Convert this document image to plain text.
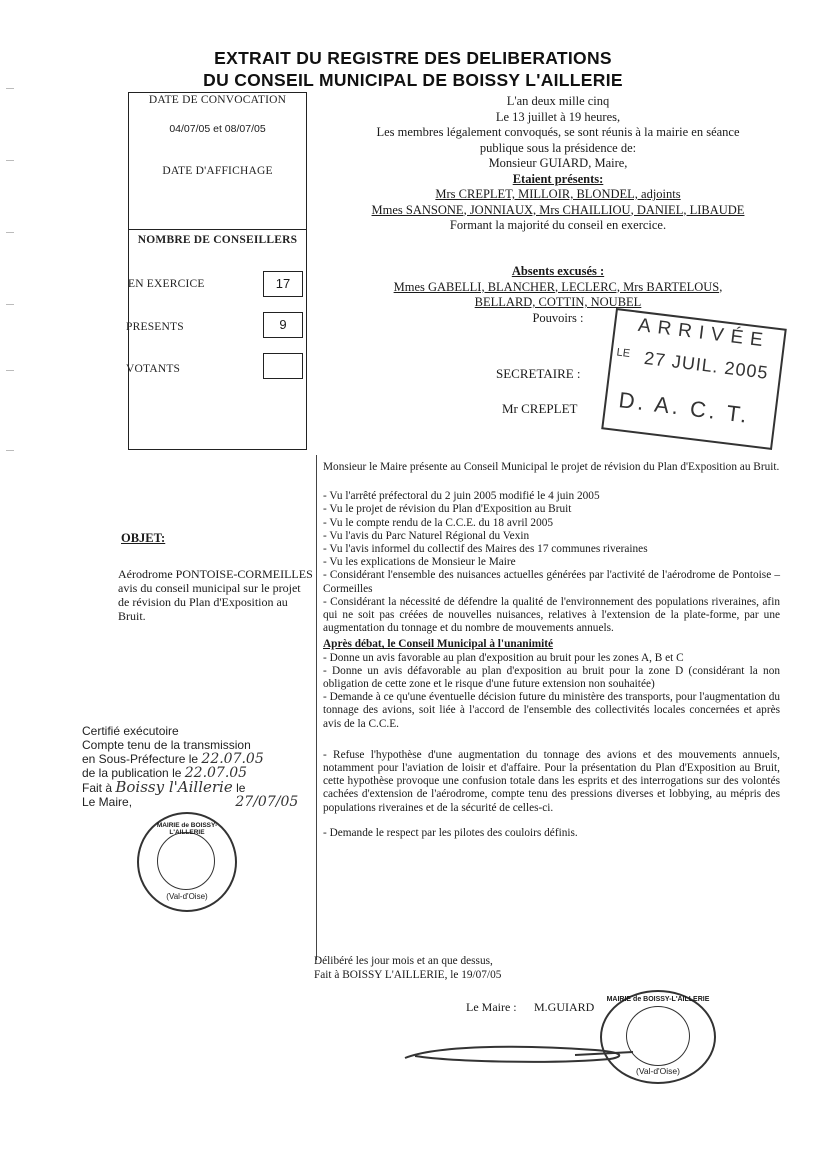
EXTRAIT DU REGISTRE DES DELIBERATIONS
DU CONSEIL MUNICIPAL DE BOISSY L'AILLERIE
DATE DE CONVOCATION
04/07/05 et 08/07/05
DATE D'AFFICHAGE
NOMBRE DE CONSEILLERS
EN EXERCICE	17
PRESENTS	9
VOTANTS
L'an deux mille cinq
Le 13 juillet à 19 heures,
Les membres légalement convoqués, se sont réunis à la mairie en séance
publique sous la présidence de:
Monsieur GUIARD, Maire,
Etaient présents:
Mrs CREPLET, MILLOIR, BLONDEL, adjoints
Mmes SANSONE, JONNIAUX, Mrs CHAILLIOU, DANIEL, LIBAUDE
Formant la majorité du conseil en exercice.
Absents excusés :
Mmes GABELLI, BLANCHER, LECLERC, Mrs BARTELOUS,
BELLARD, COTTIN, NOUBEL
Pouvoirs :
SECRETAIRE :
Mr CREPLET
ARRIVÉE
LE 27 JUIL. 2005
D. A. C. T.
OBJET:
Aérodrome PONTOISE-CORMEILLES avis du conseil municipal sur le projet de révision du Plan d'Exposition au Bruit.

Monsieur le Maire présente au Conseil Municipal le projet de révision du Plan d'Exposition au Bruit.

- Vu l'arrêté préfectoral du 2 juin 2005 modifié le 4 juin 2005

- Vu le projet de révision du Plan d'Exposition au Bruit

- Vu le compte rendu de la C.C.E. du 18 avril 2005

- Vu l'avis du Parc Naturel Régional du Vexin

- Vu l'avis informel du collectif des Maires des 17 communes riveraines

- Vu les explications de Monsieur le Maire

- Considérant l'ensemble des nuisances actuelles générées par l'activité de l'aérodrome de Pontoise – Cormeilles

- Considérant la nécessité de défendre la qualité de l'environnement des populations riveraines, afin qui ne soit pas créées de nouvelles nuisances, relatives à l'extension de la plate-forme, par une augmentation du tonnage et du nombre de mouvements annuels.

Après débat, le Conseil Municipal à l'unanimité

- Donne un avis favorable au plan d'exposition au bruit pour les zones A, B et C

- Donne un avis défavorable au plan d'exposition au bruit pour la zone D (considérant la non obligation de cette zone et le risque d'une future extension non souhaitée)

- Demande à ce qu'une éventuelle décision future du ministère des transports, pour l'augmentation du tonnage des avions, soit liée à l'accord de l'ensemble des collectivités locales concernées et après avis de la C.C.E.

- Refuse l'hypothèse d'une augmentation du tonnage des avions et des mouvements annuels, notamment pour l'aviation de loisir et d'affaire. Pour la présentation du Plan d'Exposition au Bruit, cette hypothèse provoque une confusion totale dans les esprits et des interrogations sur des volontés cachées d'extension de l'aérodrome, compte tenu des pressions diverses et lobbying, au mépris des populations riveraines et de la sécurité de celles-ci.

- Demande le respect par les pilotes des couloirs définis.

Délibéré les jour mois et an que dessus,
Fait à BOISSY L'AILLERIE, le 19/07/05
Le Maire : M.GUIARD
Certifié exécutoire
Compte tenu de la transmission
en Sous-Préfecture le 22.07.05
de la publication le 22.07.05
Fait à Boissy l'Aillerie le
Le Maire,	27/07/05
MAIRIE de BOISSY-L'AILLERIE
(Val-d'Oise)
MAIRIE de BOISSY-L'AILLERIE
(Val-d'Oise)
